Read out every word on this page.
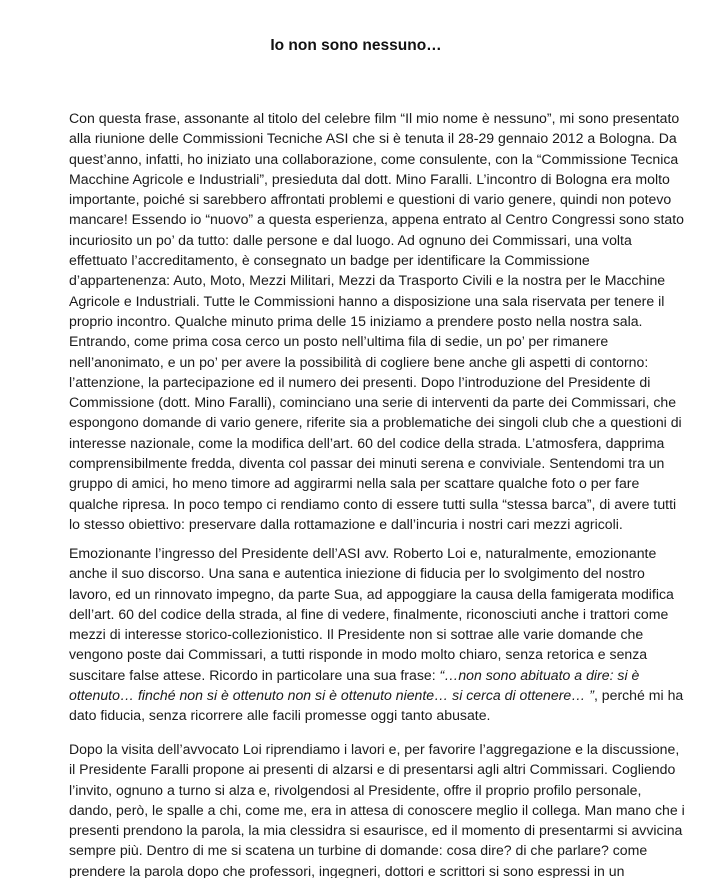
Io non sono nessuno…
Con questa frase, assonante al titolo del celebre film “Il mio nome è nessuno”, mi sono presentato
alla riunione delle Commissioni Tecniche ASI che si è tenuta il 28-29 gennaio 2012 a Bologna. Da
quest’anno, infatti, ho iniziato una collaborazione, come consulente, con la “Commissione Tecnica
Macchine Agricole e Industriali”, presieduta dal dott. Mino Faralli. L’incontro di Bologna era molto
importante, poiché si sarebbero affrontati problemi e questioni di vario genere, quindi non potevo
mancare! Essendo io “nuovo” a questa esperienza, appena entrato al Centro Congressi sono stato
incuriosito un po’ da tutto: dalle persone e dal luogo. Ad ognuno dei Commissari, una volta
effettuato l’accreditamento, è consegnato un badge per identificare la Commissione
d’appartenenza: Auto, Moto, Mezzi Militari, Mezzi da Trasporto Civili e la nostra per le Macchine
Agricole e Industriali. Tutte le Commissioni hanno a disposizione una sala riservata per tenere il
proprio incontro. Qualche minuto prima delle 15 iniziamo a prendere posto nella nostra sala.
Entrando, come prima cosa cerco un posto nell’ultima fila di sedie, un po’ per rimanere
nell’anonimato, e un po’ per avere la possibilità di cogliere bene anche gli aspetti di contorno:
l’attenzione, la partecipazione ed il numero dei presenti. Dopo l’introduzione del Presidente di
Commissione (dott. Mino Faralli), cominciano una serie di interventi da parte dei Commissari, che
espongono domande di vario genere, riferite sia a problematiche dei singoli club che a questioni di
interesse nazionale, come la modifica dell’art. 60 del codice della strada. L’atmosfera, dapprima
comprensibilmente fredda, diventa col passar dei minuti serena e conviviale. Sentendomi tra un
gruppo di amici, ho meno timore ad aggirarmi nella sala per scattare qualche foto o per fare
qualche ripresa. In poco tempo ci rendiamo conto di essere tutti sulla “stessa barca”, di avere tutti
lo stesso obiettivo: preservare dalla rottamazione e dall’incuria i nostri cari mezzi agricoli.
Emozionante l’ingresso del Presidente dell’ASI avv. Roberto Loi e, naturalmente, emozionante
anche il suo discorso. Una sana e autentica iniezione di fiducia per lo svolgimento del nostro
lavoro, ed un rinnovato impegno, da parte Sua, ad appoggiare la causa della famigerata modifica
dell’art. 60 del codice della strada, al fine di vedere, finalmente, riconosciuti anche i trattori come
mezzi di interesse storico-collezionistico. Il Presidente non si sottrae alle varie domande che
vengono poste dai Commissari, a tutti risponde in modo molto chiaro, senza retorica e senza
suscitare false attese. Ricordo in particolare una sua frase: “…non sono abituato a dire: si è
ottenuto… finché non si è ottenuto non si è ottenuto niente… si cerca di ottenere… ”, perché mi ha
dato fiducia, senza ricorrere alle facili promesse oggi tanto abusate.
Dopo la visita dell’avvocato Loi riprendiamo i lavori e, per favorire l’aggregazione e la discussione,
il Presidente Faralli propone ai presenti di alzarsi e di presentarsi agli altri Commissari. Cogliendo
l’invito, ognuno a turno si alza e, rivolgendosi al Presidente, offre il proprio profilo personale,
dando, però, le spalle a chi, come me, era in attesa di conoscere meglio il collega. Man mano che i
presenti prendono la parola, la mia clessidra si esaurisce, ed il momento di presentarmi si avvicina
sempre più. Dentro di me si scatena un turbine di domande: cosa dire? di che parlare? come
prendere la parola dopo che professori, ingegneri, dottori e scrittori si sono espressi in un
